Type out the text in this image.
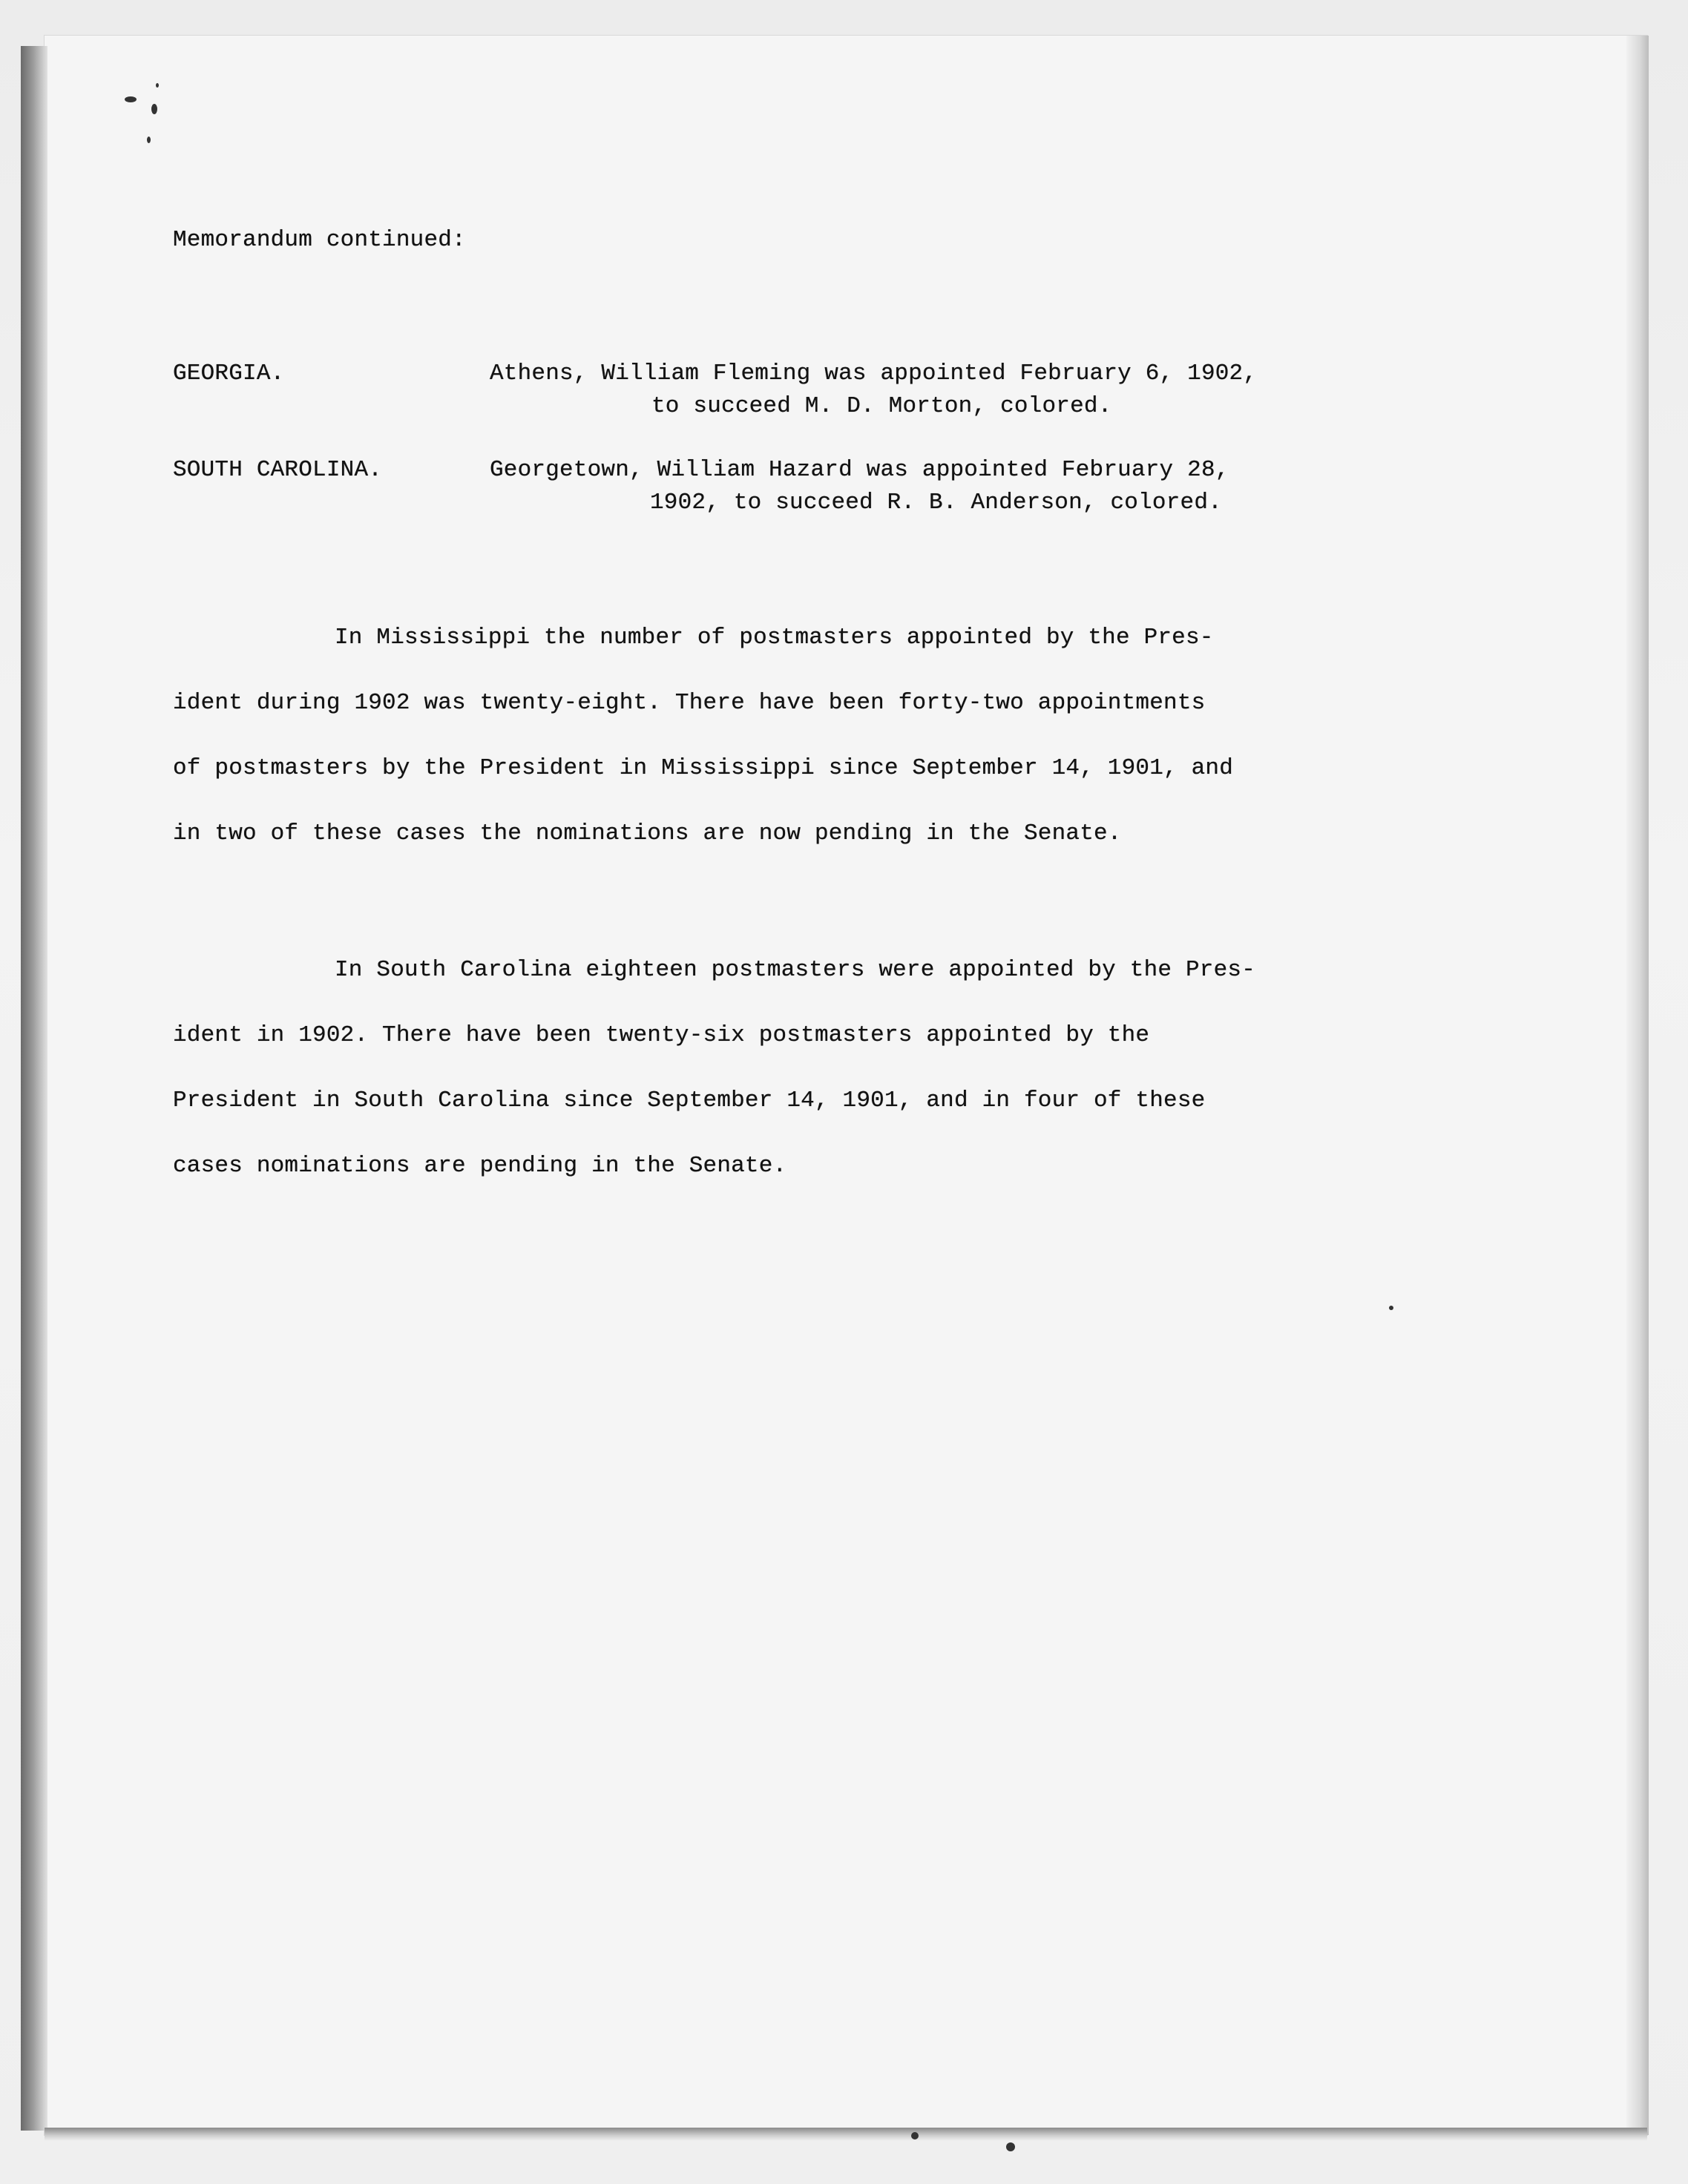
Memorandum continued:
GEORGIA.	Athens, William Fleming was appointed February 6, 1902,
to succeed M. D. Morton, colored.
SOUTH CAROLINA.	Georgetown, William Hazard was appointed February 28,
1902, to succeed R. B. Anderson, colored.
In Mississippi the number of postmasters appointed by the Pres-
ident during 1902 was twenty-eight. There have been forty-two appointments
of postmasters by the President in Mississippi since September 14, 1901, and
in two of these cases the nominations are now pending in the Senate.
In South Carolina eighteen postmasters were appointed by the Pres-
ident in 1902. There have been twenty-six postmasters appointed by the
President in South Carolina since September 14, 1901, and in four of these
cases nominations are pending in the Senate.
